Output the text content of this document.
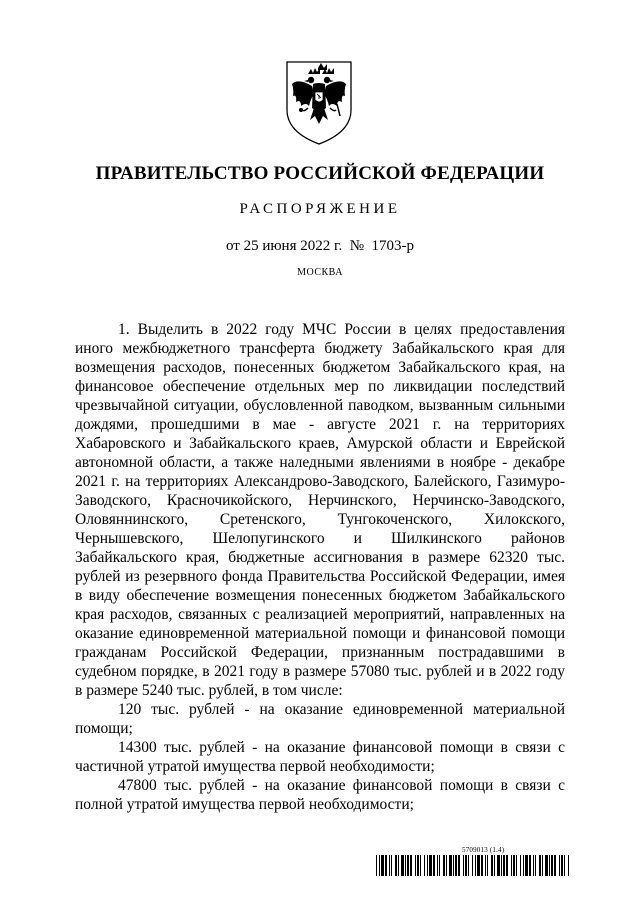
ПРАВИТЕЛЬСТВО РОССИЙСКОЙ ФЕДЕРАЦИИ
РАСПОРЯЖЕНИЕ
от 25 июня 2022 г.  №  1703-р
МОСКВА

1. Выделить в 2022 году МЧС России в целях предоставления иного межбюджетного трансферта бюджету Забайкальского края для возмещения расходов, понесенных бюджетом Забайкальского края, на финансовое обеспечение отдельных мер по ликвидации последствий чрезвычайной ситуации, обусловленной паводком, вызванным сильными дождями, прошедшими в мае - августе 2021 г. на территориях Хабаровского и Забайкальского краев, Амурской области и Еврейской автономной области, а также наледными явлениями в ноябре - декабре 2021 г. на территориях Александрово-Заводского, Балейского, Газимуро-Заводского, Красночикойского, Нерчинского, Нерчинско-Заводского, Оловяннинского, Сретенского, Тунгокоченского, Хилокского, Чернышевского, Шелопугинского и Шилкинского районов Забайкальского края, бюджетные ассигнования в размере 62320 тыс. рублей из резервного фонда Правительства Российской Федерации, имея в виду обеспечение возмещения понесенных бюджетом Забайкальского края расходов, связанных с реализацией мероприятий, направленных на оказание единовременной материальной помощи и финансовой помощи гражданам Российской Федерации, признанным пострадавшими в судебном порядке, в 2021 году в размере 57080 тыс. рублей и в 2022 году в размере 5240 тыс. рублей, в том числе:

120 тыс. рублей - на оказание единовременной материальной помощи;

14300 тыс. рублей - на оказание финансовой помощи в связи с частичной утратой имущества первой необходимости;

47800 тыс. рублей - на оказание финансовой помощи в связи с полной утратой имущества первой необходимости;

5709013 (1.4)
